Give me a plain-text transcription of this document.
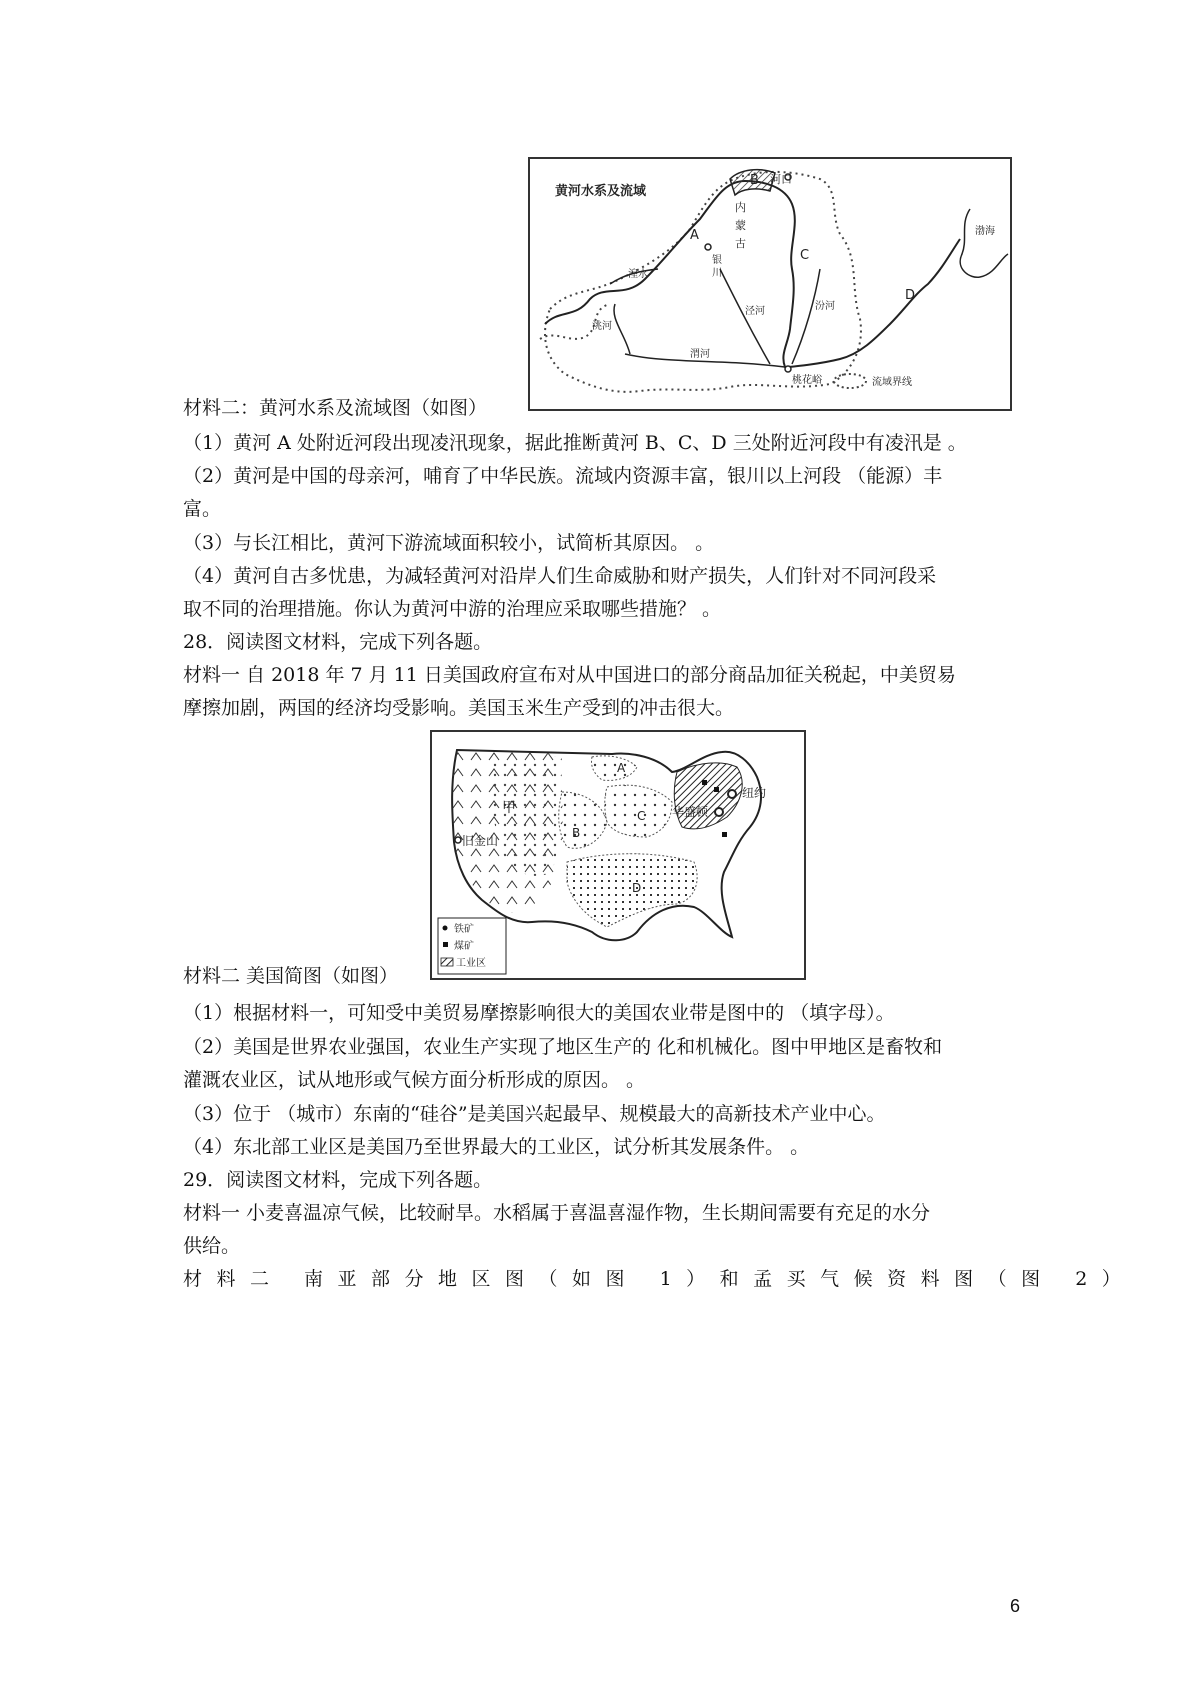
黄河水系及流域
A
B
C
D
河口
内
蒙
古
银
川
湟水
洮河
渭河
泾河	汾河
桃花峪
渤海
流域界线
A
B
C
D
甲
旧金山
纽约
华盛顿
铁矿
煤矿
工业区
材料二：黄河水系及流域图（如图）
（1）黄河 A 处附近河段出现凌汛现象，据此推断黄河 B、C、D 三处附近河段中有凌汛是 。
（2）黄河是中国的母亲河，哺育了中华民族。流域内资源丰富，银川以上河段 （能源）丰
富。
（3）与长江相比，黄河下游流域面积较小，试简析其原因。 。
（4）黄河自古多忧患，为减轻黄河对沿岸人们生命威胁和财产损失，人们针对不同河段采
取不同的治理措施。你认为黄河中游的治理应采取哪些措施？ 。
28．阅读图文材料，完成下列各题。
材料一 自 2018 年 7 月 11 日美国政府宣布对从中国进口的部分商品加征关税起，中美贸易
摩擦加剧，两国的经济均受影响。美国玉米生产受到的冲击很大。
材料二 美国简图（如图）
（1）根据材料一，可知受中美贸易摩擦影响很大的美国农业带是图中的 （填字母）。
（2）美国是世界农业强国，农业生产实现了地区生产的 化和机械化。图中甲地区是畜牧和
灌溉农业区，试从地形或气候方面分析形成的原因。 。
（3）位于 （城市）东南的“硅谷”是美国兴起最早、规模最大的高新技术产业中心。
（4）东北部工业区是美国乃至世界最大的工业区，试分析其发展条件。 。
29．阅读图文材料，完成下列各题。
材料一 小麦喜温凉气候，比较耐旱。水稻属于喜温喜湿作物，生长期间需要有充足的水分
供给。
材料二 南亚部分地区图（如图 1）和孟买气候资料图（图 2）
6
